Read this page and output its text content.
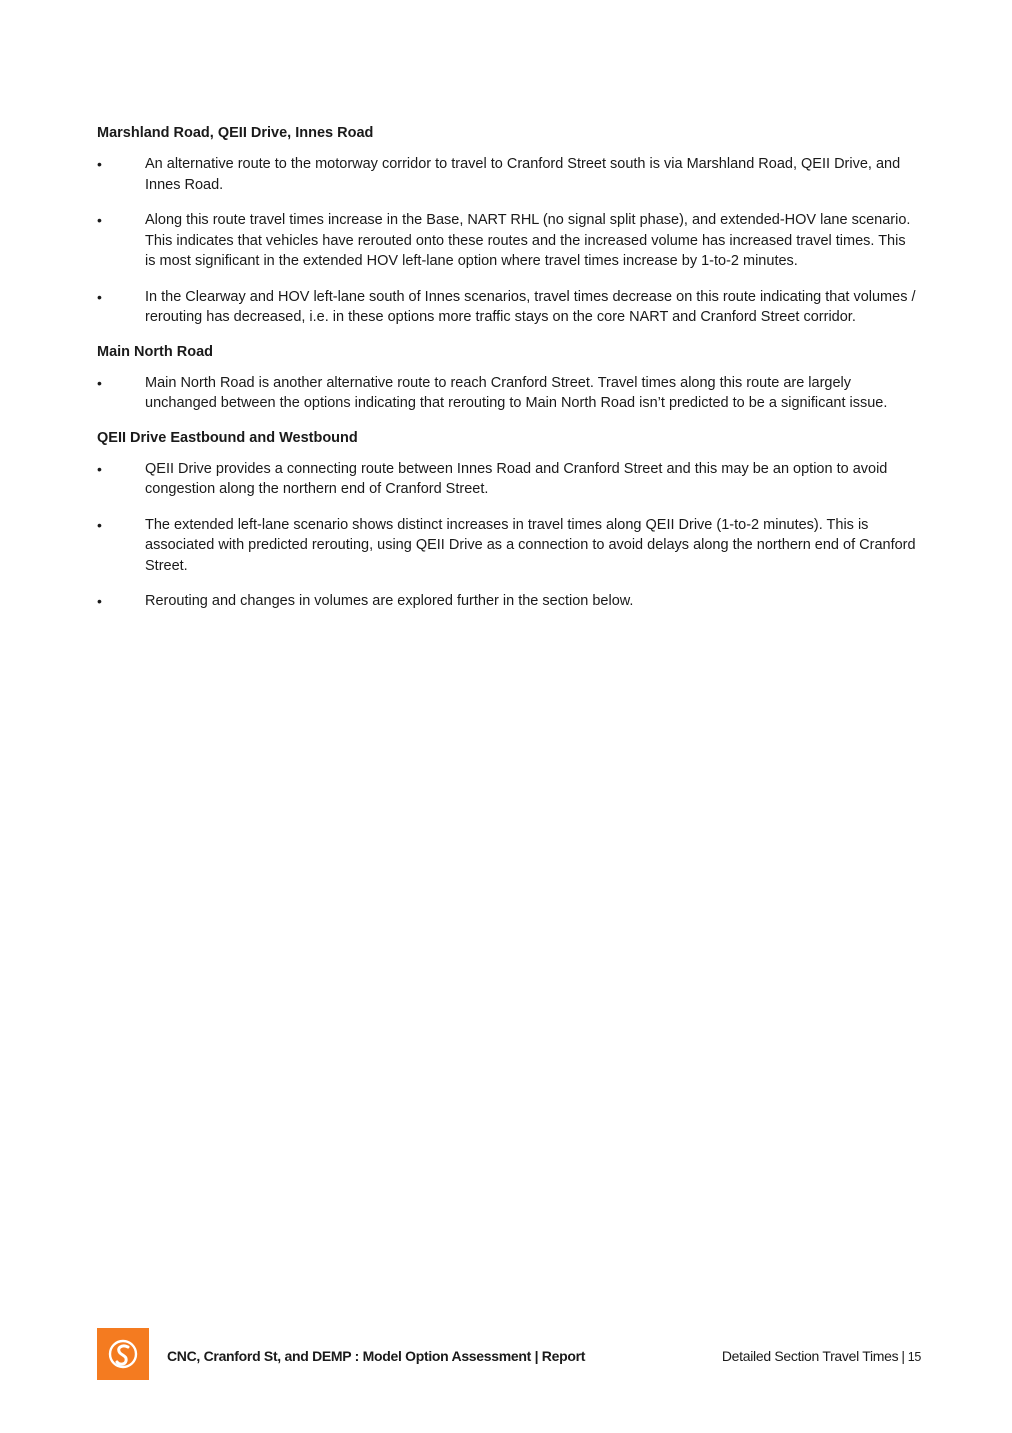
Marshland Road, QEII Drive, Innes Road
•	An alternative route to the motorway corridor to travel to Cranford Street south is via Marshland Road, QEII Drive, and Innes Road.
•	Along this route travel times increase in the Base, NART RHL (no signal split phase), and extended-HOV lane scenario. This indicates that vehicles have rerouted onto these routes and the increased volume has increased travel times. This is most significant in the extended HOV left-lane option where travel times increase by 1-to-2 minutes.
•	In the Clearway and HOV left-lane south of Innes scenarios, travel times decrease on this route indicating that volumes / rerouting has decreased, i.e. in these options more traffic stays on the core NART and Cranford Street corridor.
Main North Road
•	Main North Road is another alternative route to reach Cranford Street. Travel times along this route are largely unchanged between the options indicating that rerouting to Main North Road isn’t predicted to be a significant issue.
QEII Drive Eastbound and Westbound
•	QEII Drive provides a connecting route between Innes Road and Cranford Street and this may be an option to avoid congestion along the northern end of Cranford Street.
•	The extended left-lane scenario shows distinct increases in travel times along QEII Drive (1-to-2 minutes). This is associated with predicted rerouting, using QEII Drive as a connection to avoid delays along the northern end of Cranford Street.
•	Rerouting and changes in volumes are explored further in the section below.
CNC, Cranford St, and DEMP : Model Option Assessment | Report	Detailed Section Travel Times | 15
